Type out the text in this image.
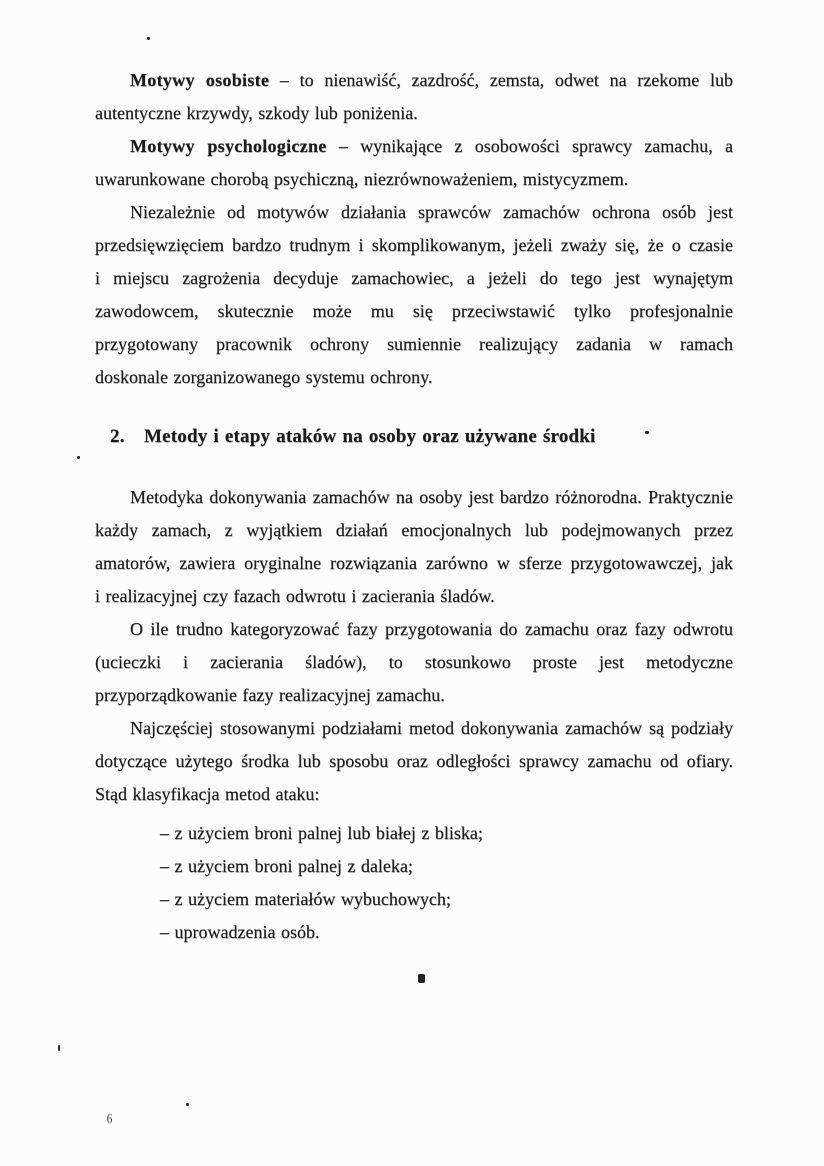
Motywy osobiste – to nienawiść, zazdrość, zemsta, odwet na rzekome lub
autentyczne krzywdy, szkody lub poniżenia.
Motywy psychologiczne – wynikające z osobowości sprawcy zamachu, a
uwarunkowane chorobą psychiczną, niezrównoważeniem, mistycyzmem.
Niezależnie od motywów działania sprawców zamachów ochrona osób jest
przedsięwzięciem bardzo trudnym i skomplikowanym, jeżeli zważy się, że o czasie
i miejscu zagrożenia decyduje zamachowiec, a jeżeli do tego jest wynajętym
zawodowcem, skutecznie może mu się przeciwstawić tylko profesjonalnie
przygotowany pracownik ochrony sumiennie realizujący zadania w ramach
doskonale zorganizowanego systemu ochrony.
2. Metody i etapy ataków na osoby oraz używane środki
Metodyka dokonywania zamachów na osoby jest bardzo różnorodna. Praktycznie
każdy zamach, z wyjątkiem działań emocjonalnych lub podejmowanych przez
amatorów, zawiera oryginalne rozwiązania zarówno w sferze przygotowawczej, jak
i realizacyjnej czy fazach odwrotu i zacierania śladów.
O ile trudno kategoryzować fazy przygotowania do zamachu oraz fazy odwrotu
(ucieczki i zacierania śladów), to stosunkowo proste jest metodyczne
przyporządkowanie fazy realizacyjnej zamachu.
Najczęściej stosowanymi podziałami metod dokonywania zamachów są podziały
dotyczące użytego środka lub sposobu oraz odległości sprawcy zamachu od ofiary.
Stąd klasyfikacja metod ataku:
– z użyciem broni palnej lub białej z bliska;
– z użyciem broni palnej z daleka;
– z użyciem materiałów wybuchowych;
– uprowadzenia osób.
6
